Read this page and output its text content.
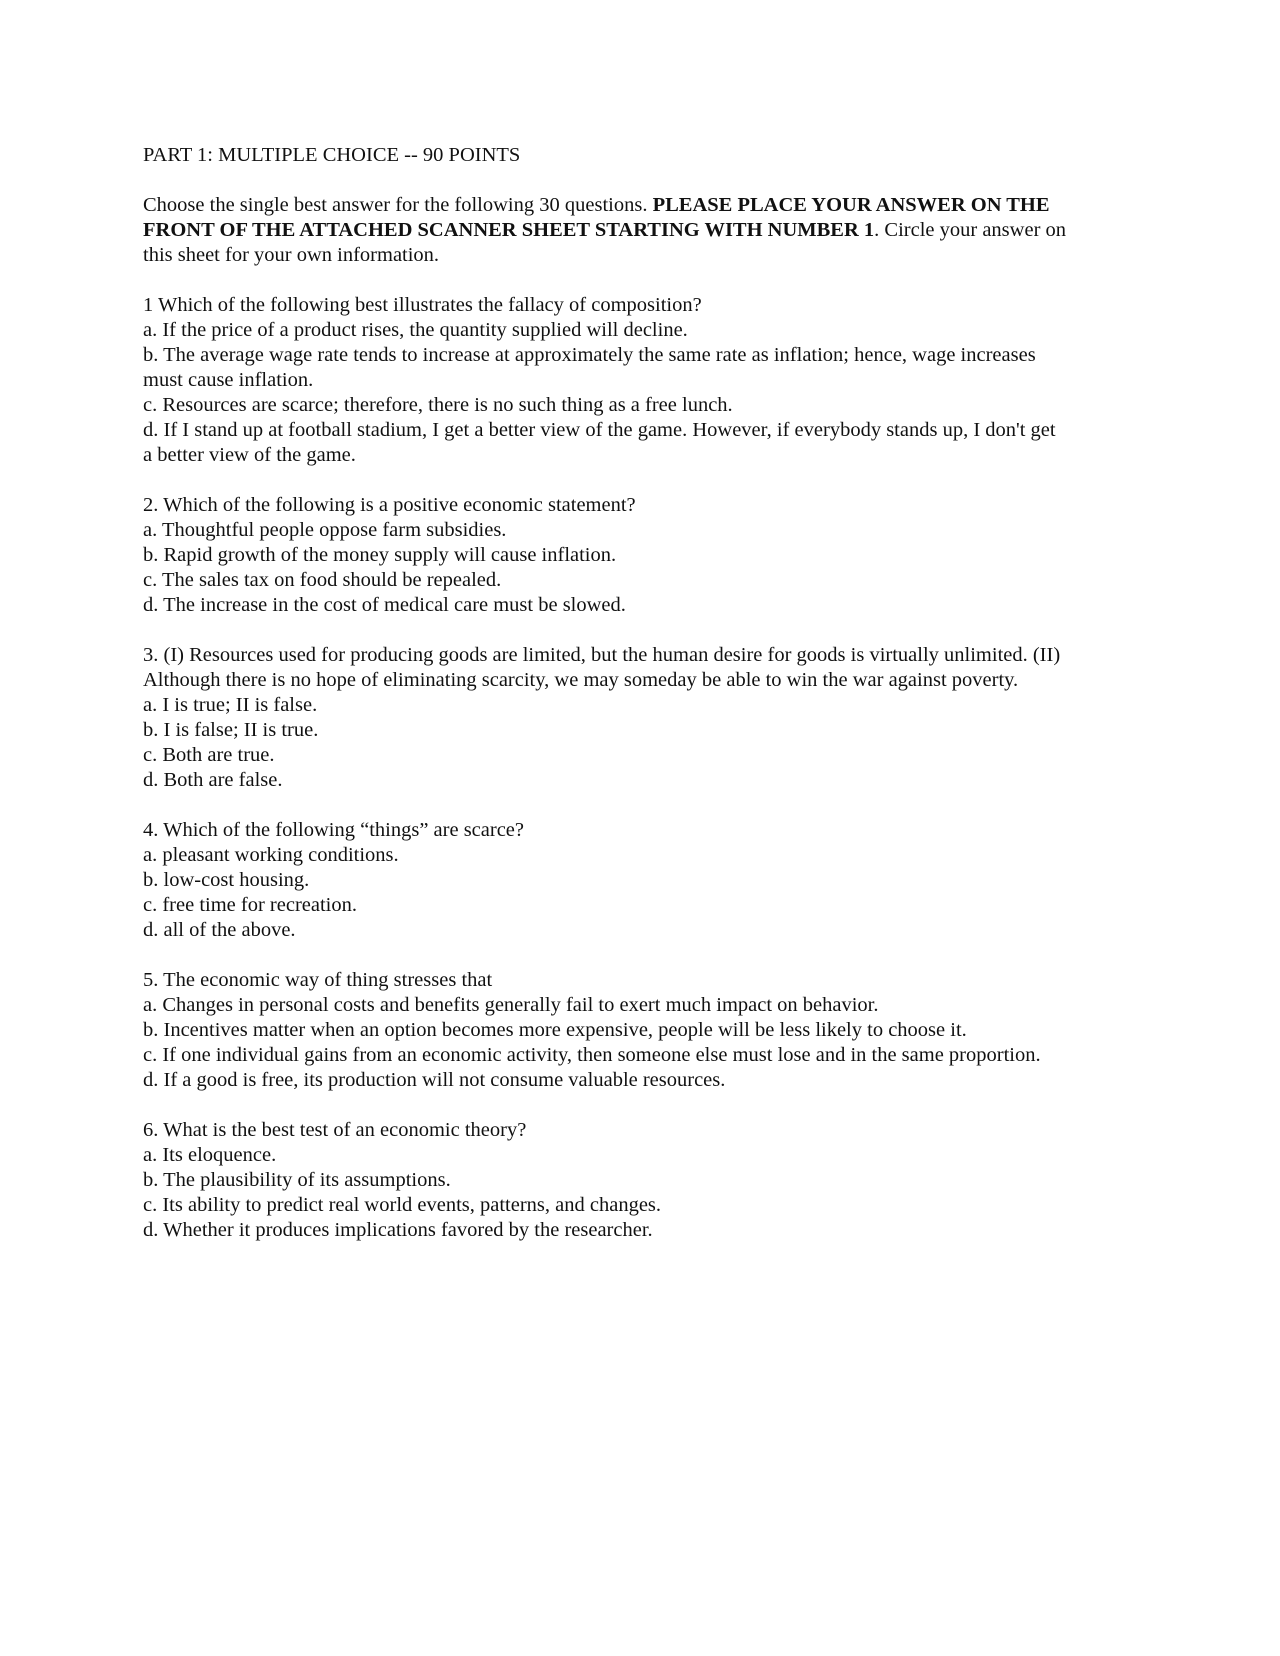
PART 1: MULTIPLE CHOICE -- 90 POINTS
Choose the single best answer for the following 30 questions. PLEASE PLACE YOUR ANSWER ON THE FRONT OF THE ATTACHED SCANNER SHEET STARTING WITH NUMBER 1. Circle your answer on this sheet for your own information.
1 Which of the following best illustrates the fallacy of composition?
a. If the price of a product rises, the quantity supplied will decline.
b. The average wage rate tends to increase at approximately the same rate as inflation; hence, wage increases must cause inflation.
c. Resources are scarce; therefore, there is no such thing as a free lunch.
d. If I stand up at football stadium, I get a better view of the game. However, if everybody stands up, I don't get a better view of the game.
2. Which of the following is a positive economic statement?
a. Thoughtful people oppose farm subsidies.
b. Rapid growth of the money supply will cause inflation.
c. The sales tax on food should be repealed.
d. The increase in the cost of medical care must be slowed.
3. (I) Resources used for producing goods are limited, but the human desire for goods is virtually unlimited. (II) Although there is no hope of eliminating scarcity, we may someday be able to win the war against poverty.
a. I is true; II is false.
b. I is false; II is true.
c. Both are true.
d. Both are false.
4. Which of the following “things” are scarce?
a. pleasant working conditions.
b. low-cost housing.
c. free time for recreation.
d. all of the above.
5. The economic way of thing stresses that
a. Changes in personal costs and benefits generally fail to exert much impact on behavior.
b. Incentives matter when an option becomes more expensive, people will be less likely to choose it.
c. If one individual gains from an economic activity, then someone else must lose and in the same proportion.
d. If a good is free, its production will not consume valuable resources.
6. What is the best test of an economic theory?
a. Its eloquence.
b. The plausibility of its assumptions.
c. Its ability to predict real world events, patterns, and changes.
d. Whether it produces implications favored by the researcher.
